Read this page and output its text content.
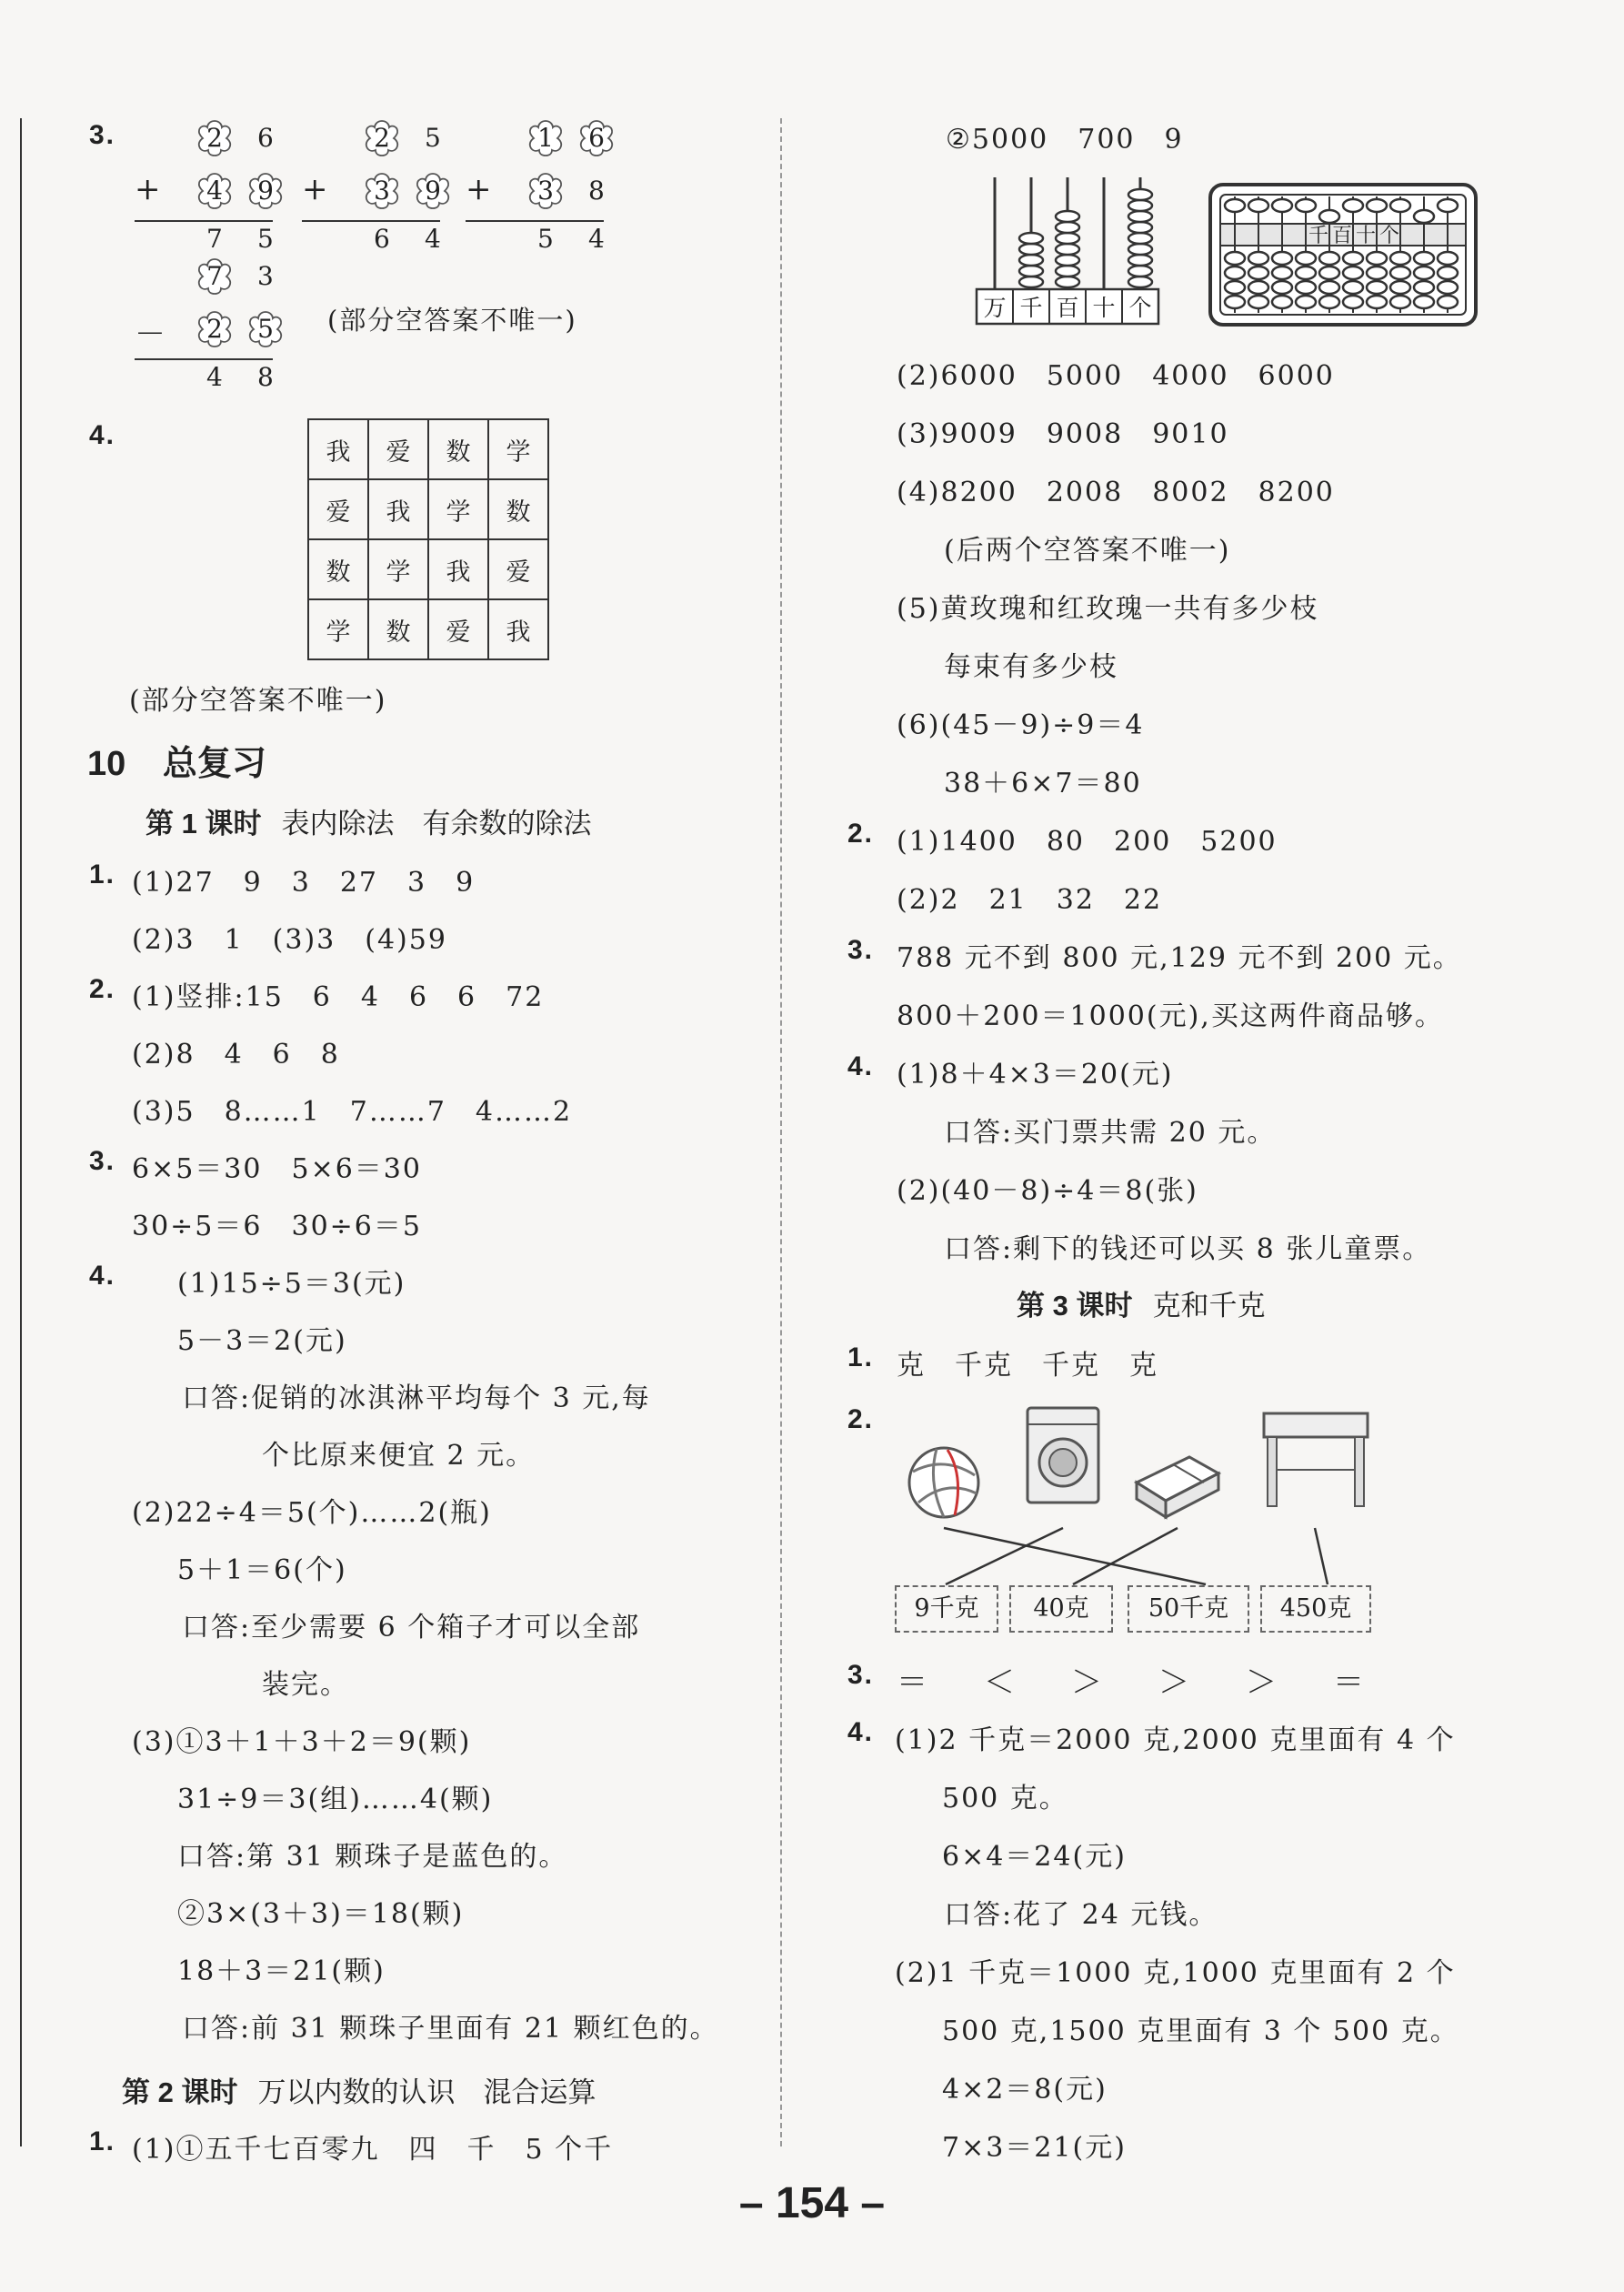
3.	2	6
+	4	9
7 5
2	5
+	3	9
6 4
1	6
+	3	8
5 4
7	3
－	2	5
4 8
(部分空答案不唯一)
4.
我	爱	数	学
爱	我	学	数
数	学	我	爱
学	数	爱	我
(部分空答案不唯一)
10 总复习
第 1 课时 表内除法　有余数的除法
1. (1)27　9　3　27　3　9
(2)3　1　(3)3　(4)59
2. (1)竖排:15　6　4　6　6　72
(2)8　4　6　8
(3)5　8……1　7……7　4……2
3. 6×5＝30　5×6＝30
30÷5＝6　30÷6＝5
4. (1)15÷5＝3(元)
5－3＝2(元)
口答:促销的冰淇淋平均每个 3 元,每
个比原来便宜 2 元。
(2)22÷4＝5(个)……2(瓶)
5＋1＝6(个)
口答:至少需要 6 个箱子才可以全部
装完。
(3)①3＋1＋3＋2＝9(颗)
31÷9＝3(组)……4(颗)
口答:第 31 颗珠子是蓝色的。
②3×(3＋3)＝18(颗)
18＋3＝21(颗)
口答:前 31 颗珠子里面有 21 颗红色的。
第 2 课时 万以内数的认识　混合运算
1. (1)①五千七百零九　四　千　5 个千
②5000　700　9
万 千 百 十 个
千 百 十 个
(2)6000　5000　4000　6000
(3)9009　9008　9010
(4)8200　2008　8002　8200
(后两个空答案不唯一)
(5)黄玫瑰和红玫瑰一共有多少枝
每束有多少枝
(6)(45－9)÷9＝4
38＋6×7＝80
2. (1)1400　80　200　5200
(2)2　21　32　22
3. 788 元不到 800 元,129 元不到 200 元。
800＋200＝1000(元),买这两件商品够。
4. (1)8＋4×3＝20(元)
口答:买门票共需 20 元。
(2)(40－8)÷4＝8(张)
口答:剩下的钱还可以买 8 张儿童票。
第 3 课时 克和千克
1. 克　千克　千克　克
2.
9千克	40克	50千克	450克
3. ＝　＜　＞　＞　＞　＝
4. (1)2 千克＝2000 克,2000 克里面有 4 个
500 克。
6×4＝24(元)
口答:花了 24 元钱。
(2)1 千克＝1000 克,1000 克里面有 2 个
500 克,1500 克里面有 3 个 500 克。
4×2＝8(元)
7×3＝21(元)
– 154 –
